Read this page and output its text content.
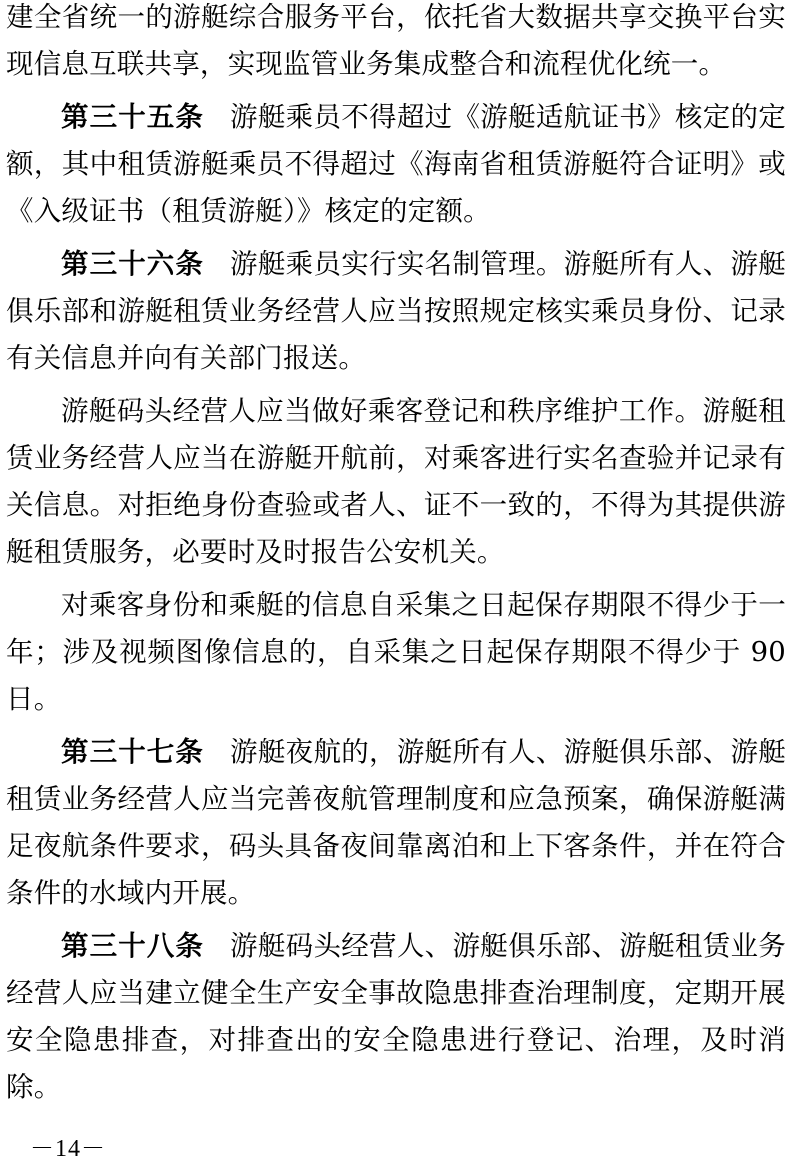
建全省统一的游艇综合服务平台，依托省大数据共享交换平台实现信息互联共享，实现监管业务集成整合和流程优化统一。

第三十五条 游艇乘员不得超过《游艇适航证书》核定的定额，其中租赁游艇乘员不得超过《海南省租赁游艇符合证明》或《入级证书（租赁游艇）》核定的定额。

第三十六条 游艇乘员实行实名制管理。游艇所有人、游艇俱乐部和游艇租赁业务经营人应当按照规定核实乘员身份、记录有关信息并向有关部门报送。

游艇码头经营人应当做好乘客登记和秩序维护工作。游艇租赁业务经营人应当在游艇开航前，对乘客进行实名查验并记录有关信息。对拒绝身份查验或者人、证不一致的，不得为其提供游艇租赁服务，必要时及时报告公安机关。

对乘客身份和乘艇的信息自采集之日起保存期限不得少于一年；涉及视频图像信息的，自采集之日起保存期限不得少于 90 日。

第三十七条 游艇夜航的，游艇所有人、游艇俱乐部、游艇租赁业务经营人应当完善夜航管理制度和应急预案，确保游艇满足夜航条件要求，码头具备夜间靠离泊和上下客条件，并在符合条件的水域内开展。

第三十八条 游艇码头经营人、游艇俱乐部、游艇租赁业务经营人应当建立健全生产安全事故隐患排查治理制度，定期开展安全隐患排查，对排查出的安全隐患进行登记、治理，及时消除。

－14－
